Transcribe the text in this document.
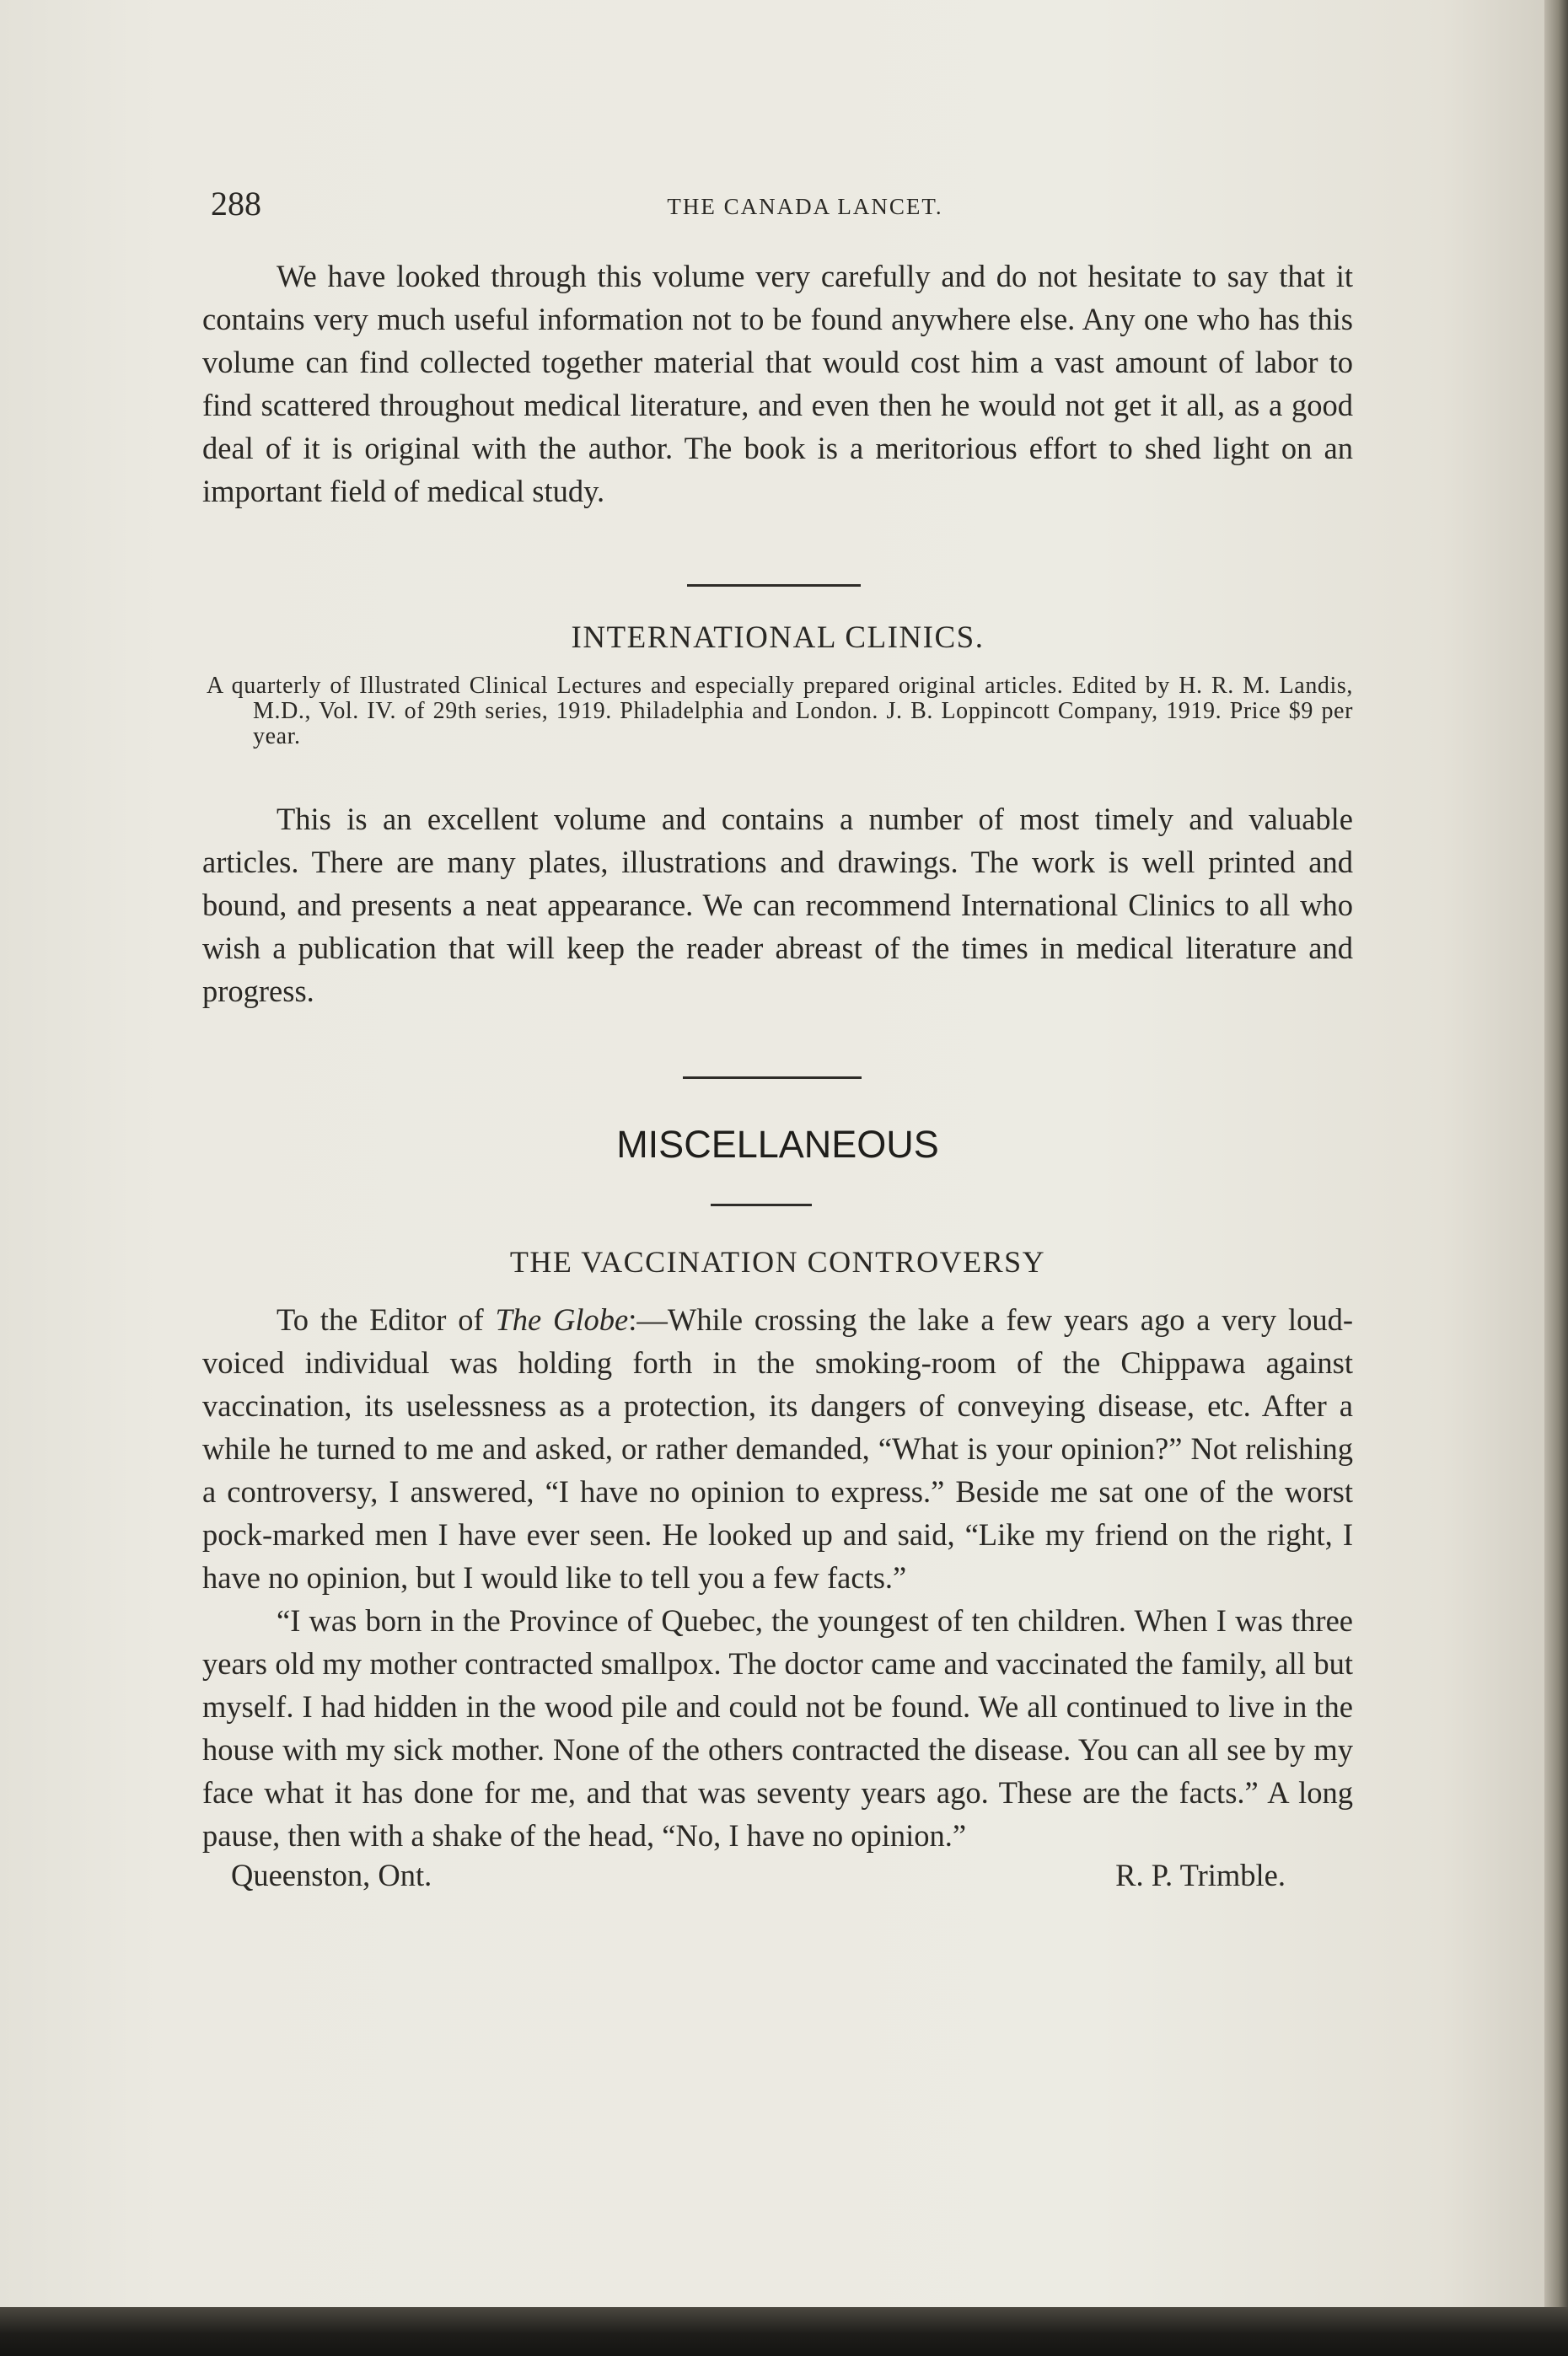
288	THE CANADA LANCET.

We have looked through this volume very carefully and do not hesitate to say that it contains very much useful information not to be found anywhere else. Any one who has this volume can find collected together material that would cost him a vast amount of labor to find scattered throughout medical literature, and even then he would not get it all, as a good deal of it is original with the author. The book is a meritorious effort to shed light on an important field of medical study.

INTERNATIONAL CLINICS.

A quarterly of Illustrated Clinical Lectures and especially prepared original articles. Edited by H. R. M. Landis, M.D., Vol. IV. of 29th series, 1919. Philadelphia and London. J. B. Loppincott Company, 1919. Price $9 per year.

This is an excellent volume and contains a number of most timely and valuable articles. There are many plates, illustrations and drawings. The work is well printed and bound, and presents a neat appearance. We can recommend International Clinics to all who wish a publication that will keep the reader abreast of the times in medical literature and progress.

MISCELLANEOUS
THE VACCINATION CONTROVERSY

To the Editor of The Globe:—While crossing the lake a few years ago a very loud-voiced individual was holding forth in the smoking-room of the Chippawa against vaccination, its uselessness as a protection, its dangers of conveying disease, etc. After a while he turned to me and asked, or rather demanded, “What is your opinion?” Not relishing a controversy, I answered, “I have no opinion to express.” Beside me sat one of the worst pock-marked men I have ever seen. He looked up and said, “Like my friend on the right, I have no opinion, but I would like to tell you a few facts.”

“I was born in the Province of Quebec, the youngest of ten children. When I was three years old my mother contracted smallpox. The doctor came and vaccinated the family, all but myself. I had hidden in the wood pile and could not be found. We all continued to live in the house with my sick mother. None of the others contracted the disease. You can all see by my face what it has done for me, and that was seventy years ago. These are the facts.” A long pause, then with a shake of the head, “No, I have no opinion.”

Queenston, Ont.	R. P. Trimble.
